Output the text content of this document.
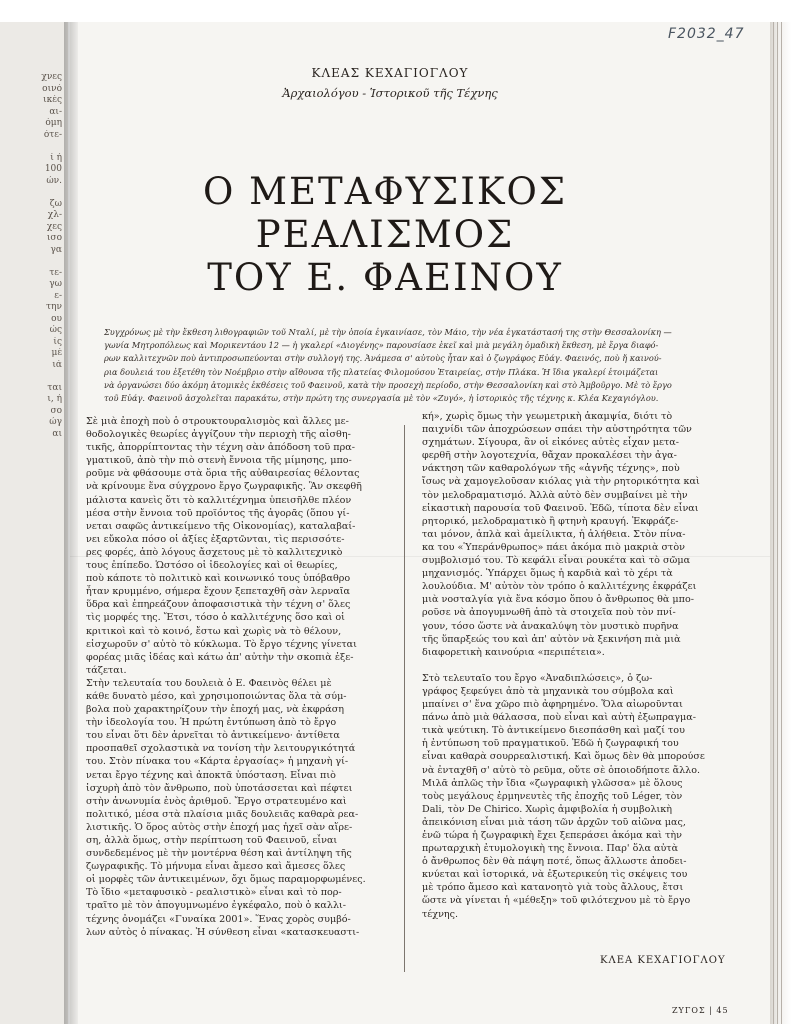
χνες
οινό
ικές
αι-
όμη
ότε-
ί ή
100
ών.
ζω
χλ-
χες
ισο
γα
τε-
γω
ε-
την
ου
ώς
ίς
μέ
ιά
ται
ι, ή
σο
ώγ
αι
F2032_47
ΚΛΕΑΣ ΚΕΧΑΓΙΟΓΛΟΥ
Ἀρχαιολόγου - Ἱστορικοῦ τῆς Τέχνης
Ο ΜΕΤΑΦΥΣΙΚΟΣ
ΡΕΑΛΙΣΜΟΣ
ΤΟΥ Ε. ΦΑΕΙΝΟΥ
Συγχρόνως μὲ τὴν ἔκθεση λιθογραφιῶν τοῦ Νταλί, μὲ τὴν ὁποία ἐγκαινίασε, τὸν Μάιο, τὴν νέα ἐγκατάστασή της στὴν Θεσσαλονίκη —
γωνία Μητροπόλεως καὶ Μορικεντάου 12 — ἡ γκαλερί «Διογένης» παρουσίασε ἐκεῖ καὶ μιὰ μεγάλη ὁμαδικὴ ἔκθεση, μὲ ἔργα διαφό-
ρων καλλιτεχνῶν ποὺ ἀντιπροσωπεύονται στὴν συλλογή της. Ἀνάμεσα σ' αὐτοὺς ἦταν καὶ ὁ ζωγράφος Εὐάγ. Φαεινός, ποὺ ἤ καινού-
ρια δουλειά του ἐξετέθη τὸν Νοέμβριο στὴν αἴθουσα τῆς πλατείας Φιλομούσου Ἑταιρείας, στὴν Πλάκα. Ἡ ἴδια γκαλερί ἑτοιμάζεται
νὰ ὀργανώσει δύο ἀκόμη ἀτομικὲς ἐκθέσεις τοῦ Φαεινοῦ, κατὰ τὴν προσεχὴ περίοδο, στὴν Θεσσαλονίκη καὶ στὸ Ἀμβοῦργο. Μὲ τὸ ἔργο
τοῦ Εὐάγ. Φαεινοῦ ἀσχολεῖται παρακάτω, στὴν πρώτη της συνεργασία μὲ τὸν «Ζυγό», ἡ ἱστορικὸς τῆς τέχνης κ. Κλέα Κεχαγιόγλου.
Σὲ μιὰ ἐποχὴ ποὺ ὁ στρουκτουραλισμὸς καὶ ἄλλες με-
θοδολογικὲς θεωρίες ἀγγίζουν τὴν περιοχὴ τῆς αἰσθη-
τικῆς, ἀπορρίπτοντας τὴν τέχνη σὰν ἀπόδοση τοῦ πρα-
γματικοῦ, ἀπὸ τὴν πιὸ στενὴ ἔννοια τῆς μίμησης, μπο-
ροῦμε νὰ φθάσουμε στὰ ὅρια τῆς αὐθαιρεσίας θέλοντας
νὰ κρίνουμε ἕνα σύγχρονο ἔργο ζωγραφικῆς. Ἂν σκεφθῆ
μάλιστα κανεὶς ὅτι τὸ καλλιτέχνημα ὑπεισῆλθε πλέον
μέσα στὴν ἔννοια τοῦ προϊόντος τῆς ἀγορᾶς (ὅπου γί-
νεται σαφῶς ἀντικείμενο τῆς Οἰκονομίας), καταλαβαί-
νει εὔκολα πόσο οἱ ἀξίες ἐξαρτῶνται, τὶς περισσότε-
ρες φορές, ἀπὸ λόγους ἄσχετους μὲ τὸ καλλιτεχνικὸ
τους ἐπίπεδο. Ὡστόσο οἱ ἰδεολογίες καὶ οἱ θεωρίες,
ποὺ κάποτε τὸ πολιτικὸ καὶ κοινωνικό τους ὑπόβαθρο
ἦταν κρυμμένο, σήμερα ἔχουν ξεπεταχθῆ σὰν λερναῖα
ὕδρα καὶ ἐπηρεάζουν ἀποφασιστικὰ τὴν τέχνη σ' ὅλες
τὶς μορφές της. Ἔτσι, τόσο ὁ καλλιτέχνης ὅσο καὶ οἱ
κριτικοὶ καὶ τὸ κοινό, ἔστω καὶ χωρὶς νὰ τὸ θέλουν,
εἰσχωροῦν σ' αὐτὸ τὸ κύκλωμα. Τὸ ἔργο τέχνης γίνεται
φορέας μιᾶς ἰδέας καὶ κάτω ἀπ' αὐτὴν τὴν σκοπιὰ ἐξε-
τάζεται.
Στὴν τελευταία του δουλειὰ ὁ Ε. Φαεινὸς θέλει μὲ
κάθε δυνατὸ μέσο, καὶ χρησιμοποιώντας ὅλα τὰ σύμ-
βολα ποὺ χαρακτηρίζουν τὴν ἐποχή μας, νὰ ἐκφράση
τὴν ἰδεολογία του. Ἡ πρώτη ἐντύπωση ἀπὸ τὸ ἔργο
του εἶναι ὅτι δὲν ἀρνεῖται τὸ ἀντικείμενο· ἀντίθετα
προσπαθεῖ σχολαστικὰ να τονίση τὴν λειτουργικότητά
του. Στὸν πίνακα του «Κάρτα ἐργασίας» ἡ μηχανὴ γί-
νεται ἔργο τέχνης καὶ ἀποκτᾶ ὑπόσταση. Εἶναι πιὸ
ἰσχυρὴ ἀπὸ τὸν ἄνθρωπο, ποὺ ὑποτάσσεται καὶ πέφτει
στὴν ἀνωνυμία ἑνὸς ἀριθμοῦ. Ἔργο στρατευμένο καὶ
πολιτικό, μέσα στὰ πλαίσια μιᾶς δουλειᾶς καθαρὰ ρεα-
λιστικῆς. Ὁ ὅρος αὐτὸς στὴν ἐποχή μας ἠχεῖ σὰν αἵρε-
ση, ἀλλὰ ὅμως, στὴν περίπτωση τοῦ Φαεινοῦ, εἶναι
συνδεδεμένος μὲ τὴν μοντέρνα θέση καὶ ἀντίληψη τῆς
ζωγραφικῆς. Τὸ μήνυμα εἶναι ἄμεσο καὶ ἄμεσες ὅλες
οἱ μορφὲς τῶν ἀντικειμένων, ὄχι ὅμως παραμορφωμένες.
Τὸ ἴδιο «μεταφυσικὸ - ρεαλιστικὸ» εἶναι καὶ τὸ πορ-
τραῖτο μὲ τὸν ἀπογυμνωμένο ἐγκέφαλο, ποὺ ὁ καλλι-
τέχνης ὀνομάζει «Γυναίκα 2001». Ἕνας χορὸς συμβό-
λων αὐτὸς ὁ πίνακας. Ἡ σύνθεση εἶναι «κατασκευαστι-
κή», χωρὶς ὅμως τὴν γεωμετρικὴ ἀκαμψία, διότι τὸ
παιχνίδι τῶν ἀποχρώσεων σπάει τὴν αὐστηρότητα τῶν
σχημάτων. Σίγουρα, ἂν οἱ εἰκόνες αὐτὲς εἶχαν μετα-
φερθῆ στὴν λογοτεχνία, θἄχαν προκαλέσει τὴν ἀγα-
νάκτηση τῶν καθαρολόγων τῆς «ἁγνῆς τέχνης», ποὺ
ἴσως νὰ χαμογελοῦσαν κιόλας γιὰ τὴν ρητορικότητα καὶ
τὸν μελοδραματισμό. Ἀλλὰ αὐτὸ δὲν συμβαίνει μὲ τὴν
εἰκαστικὴ παρουσία τοῦ Φαεινοῦ. Ἐδῶ, τίποτα δὲν εἶναι
ρητορικό, μελοδραματικὸ ἢ φτηνὴ κραυγή. Ἐκφράζε-
ται μόνον, ἁπλὰ καὶ ἀμείλικτα, ἡ ἀλήθεια. Στὸν πίνα-
κα του «Ὑπεράνθρωπος» πάει ἀκόμα πιὸ μακριὰ στὸν
συμβολισμό του. Τὸ κεφάλι εἶναι ρουκέτα καὶ τὸ σῶμα
μηχανισμός. Ὑπάρχει ὅμως ἡ καρδιὰ καὶ τὸ χέρι τὰ
λουλούδια. Μ' αὐτὸν τὸν τρόπο ὁ καλλιτέχνης ἐκφράζει
μιὰ νοσταλγία γιὰ ἕνα κόσμο ὅπου ὁ ἄνθρωπος θὰ μπο-
ροῦσε νὰ ἀπογυμνωθῆ ἀπὸ τὰ στοιχεῖα ποὺ τὸν πνί-
γουν, τόσο ὥστε νὰ ἀνακαλύψη τὸν μυστικὸ πυρῆνα
τῆς ὕπαρξεώς του καὶ ἀπ' αὐτὸν νὰ ξεκινήση πιὰ μιὰ
διαφορετικὴ καινούρια «περιπέτεια».
Στὸ τελευταῖο του ἔργο «Ἀναδιπλώσεις», ὁ ζω-
γράφος ξεφεύγει ἀπὸ τὰ μηχανικὰ του σύμβολα καὶ
μπαίνει σ' ἕνα χῶρο πιὸ ἀφηρημένο. Ὅλα αἰωροῦνται
πάνω ἀπὸ μιὰ θάλασσα, ποὺ εἶναι καὶ αὐτὴ ἐξωπραγμα-
τικὰ ψεύτικη. Τὸ ἀντικείμενο διεσπάσθη καὶ μαζί του
ἡ ἐντύπωση τοῦ πραγματικοῦ. Ἐδῶ ἡ ζωγραφική του
εἶναι καθαρὰ σουρρεαλιστική. Καὶ ὅμως δὲν θὰ μπορούσε
νὰ ἐνταχθῆ σ' αὐτὸ τὸ ρεῦμα, οὔτε σὲ ὁποιοδήποτε ἄλλο.
Μιλᾶ ἁπλῶς τὴν ἴδια «ζωγραφικὴ γλῶσσα» μὲ ὅλους
τοὺς μεγάλους ἑρμηνευτὲς τῆς ἐποχῆς τοῦ Léger, τὸν
Dali, τὸν De Chirico. Χωρὶς ἀμφιβολία ἡ συμβολικὴ
ἀπεικόνιση εἶναι μιὰ τάση τῶν ἀρχῶν τοῦ αἰῶνα μας,
ἐνῶ τώρα ἡ ζωγραφικὴ ἔχει ξεπεράσει ἀκόμα καὶ τὴν
πρωταρχικὴ ἐτυμολογικὴ της ἔννοια. Παρ' ὅλα αὐτὰ
ὁ ἄνθρωπος δὲν θὰ πάψη ποτέ, ὅπως ἄλλωστε ἀποδει-
κνύεται καὶ ἱστορικά, νὰ ἐξωτερικεύη τὶς σκέψεις του
μὲ τρόπο ἄμεσο καὶ κατανοητὸ γιὰ τοὺς ἄλλους, ἔτσι
ὥστε νὰ γίνεται ἡ «μέθεξη» τοῦ φιλότεχνου μὲ τὸ ἔργο
τέχνης.
ΚΛΕΑ ΚΕΧΑΓΙΟΓΛΟΥ
ΖΥΓΟΣ | 45
